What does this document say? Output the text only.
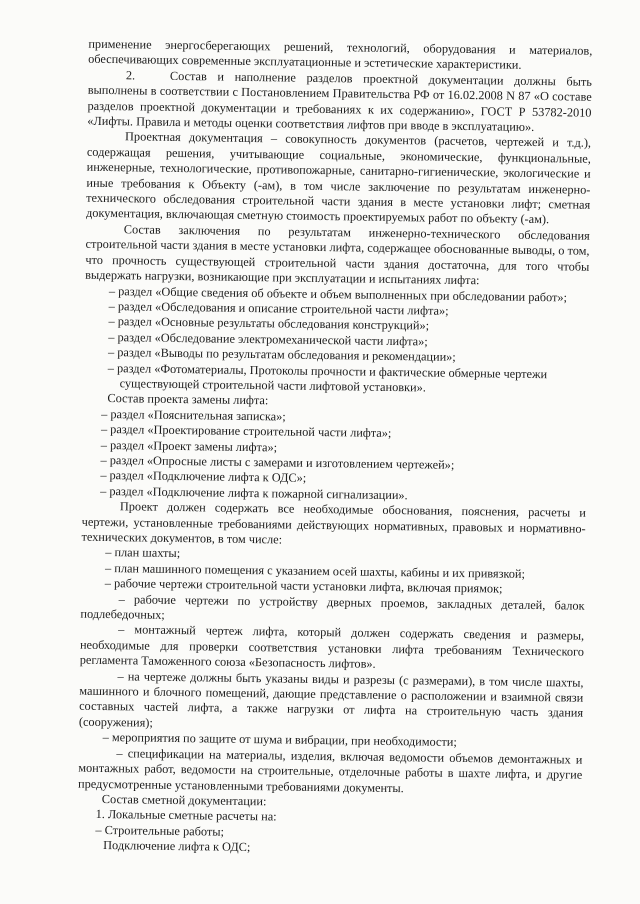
применение энергосберегающих решений, технологий, оборудования и материалов, обеспечивающих современные эксплуатационные и эстетические характеристики.

2.	Состав и наполнение разделов проектной документации должны быть выполнены в соответствии с Постановлением Правительства РФ от 16.02.2008 N 87 «О составе разделов проектной документации и требованиях к их содержанию», ГОСТ Р 53782-2010 «Лифты. Правила и методы оценки соответствия лифтов при вводе в эксплуатацию».

Проектная документация – совокупность документов (расчетов, чертежей и т.д.), содержащая решения, учитывающие социальные, экономические, функциональные, инженерные, технологические, противопожарные, санитарно-гигиенические, экологические и иные требования к Объекту (-ам), в том числе заключение по результатам инженерно-технического обследования строительной части здания в месте установки лифт; сметная документация, включающая сметную стоимость проектируемых работ по объекту (-ам).

Состав заключения по результатам инженерно-технического обследования строительной части здания в месте установки лифта, содержащее обоснованные выводы, о том, что прочность существующей строительной части здания достаточна, для того чтобы выдержать нагрузки, возникающие при эксплуатации и испытаниях лифта:

– раздел «Общие сведения об объекте и объем выполненных при обследовании работ»;

– раздел «Обследования и описание строительной части лифта»;

– раздел «Основные результаты обследования конструкций»;

– раздел «Обследование электромеханической части лифта»;

– раздел «Выводы по результатам обследования и рекомендации»;

– раздел «Фотоматериалы, Протоколы прочности и фактические обмерные чертежи существующей строительной части лифтовой установки».

Состав проекта замены лифта:

– раздел «Пояснительная записка»;

– раздел «Проектирование строительной части лифта»;

– раздел «Проект замены лифта»;

– раздел «Опросные листы с замерами и изготовлением чертежей»;

– раздел «Подключение лифта к ОДС»;

– раздел «Подключение лифта к пожарной сигнализации».

Проект должен содержать все необходимые обоснования, пояснения, расчеты и чертежи, установленные требованиями действующих нормативных, правовых и нормативно-технических документов, в том числе:

– план шахты;

– план машинного помещения с указанием осей шахты, кабины и их привязкой;

– рабочие чертежи строительной части установки лифта, включая приямок;

– рабочие чертежи по устройству дверных проемов, закладных деталей, балок подлебедочных;

– монтажный чертеж лифта, который должен содержать сведения и размеры, необходимые для проверки соответствия установки лифта требованиям Технического регламента Таможенного союза «Безопасность лифтов».

– на чертеже должны быть указаны виды и разрезы (с размерами), в том числе шахты, машинного и блочного помещений, дающие представление о расположении и взаимной связи составных частей лифта, а также нагрузки от лифта на строительную часть здания (сооружения);

– мероприятия по защите от шума и вибрации, при необходимости;

– спецификации на материалы, изделия, включая ведомости объемов демонтажных и монтажных работ, ведомости на строительные, отделочные работы в шахте лифта, и другие предусмотренные установленными требованиями документы.

Состав сметной документации:

1. Локальные сметные расчеты на:

– Строительные работы;

Подключение лифта к ОДС;
